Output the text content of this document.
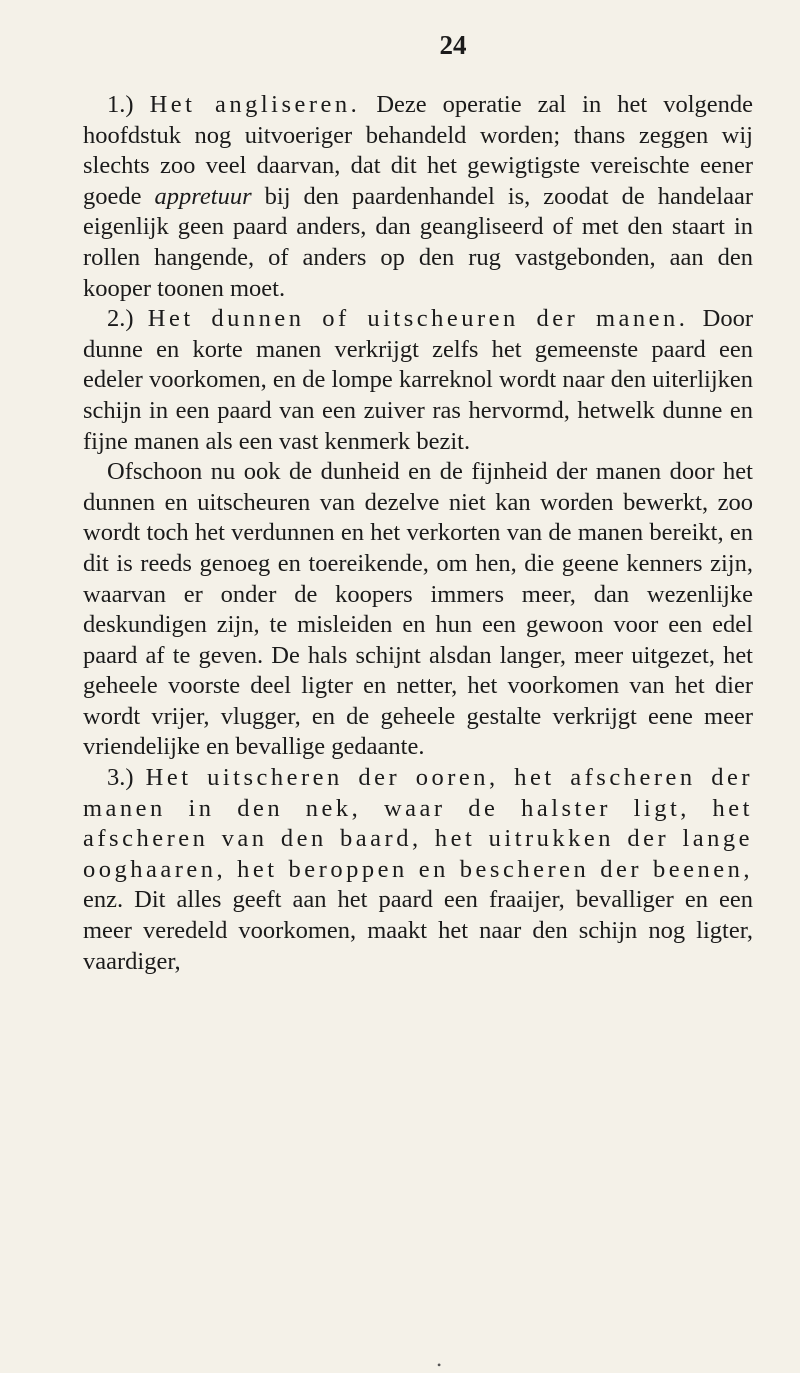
24

1.) Het angliseren. Deze operatie zal in het volgende hoofdstuk nog uitvoeriger behandeld worden; thans zeggen wij slechts zoo veel daarvan, dat dit het gewigtigste vereischte eener goede appretuur bij den paardenhandel is, zoodat de handelaar eigenlijk geen paard anders, dan geangliseerd of met den staart in rollen hangende, of anders op den rug vastgebonden, aan den kooper toonen moet.

2.) Het dunnen of uitscheuren der manen. Door dunne en korte manen verkrijgt zelfs het gemeenste paard een edeler voorkomen, en de lompe karreknol wordt naar den uiterlijken schijn in een paard van een zuiver ras hervormd, hetwelk dunne en fijne manen als een vast kenmerk bezit.

Ofschoon nu ook de dunheid en de fijnheid der manen door het dunnen en uitscheuren van dezelve niet kan worden bewerkt, zoo wordt toch het verdunnen en het verkorten van de manen bereikt, en dit is reeds genoeg en toereikende, om hen, die geene kenners zijn, waarvan er onder de koopers immers meer, dan wezenlijke deskundigen zijn, te misleiden en hun een gewoon voor een edel paard af te geven. De hals schijnt alsdan langer, meer uitgezet, het geheele voorste deel ligter en netter, het voorkomen van het dier wordt vrijer, vlugger, en de geheele gestalte verkrijgt eene meer vriendelijke en bevallige gedaante.

3.) Het uitscheren der ooren, het afscheren der manen in den nek, waar de halster ligt, het afscheren van den baard, het uitrukken der lange ooghaaren, het beroppen en bescheren der beenen, enz. Dit alles geeft aan het paard een fraaijer, bevalliger en een meer veredeld voorkomen, maakt het naar den schijn nog ligter, vaardiger,

•
